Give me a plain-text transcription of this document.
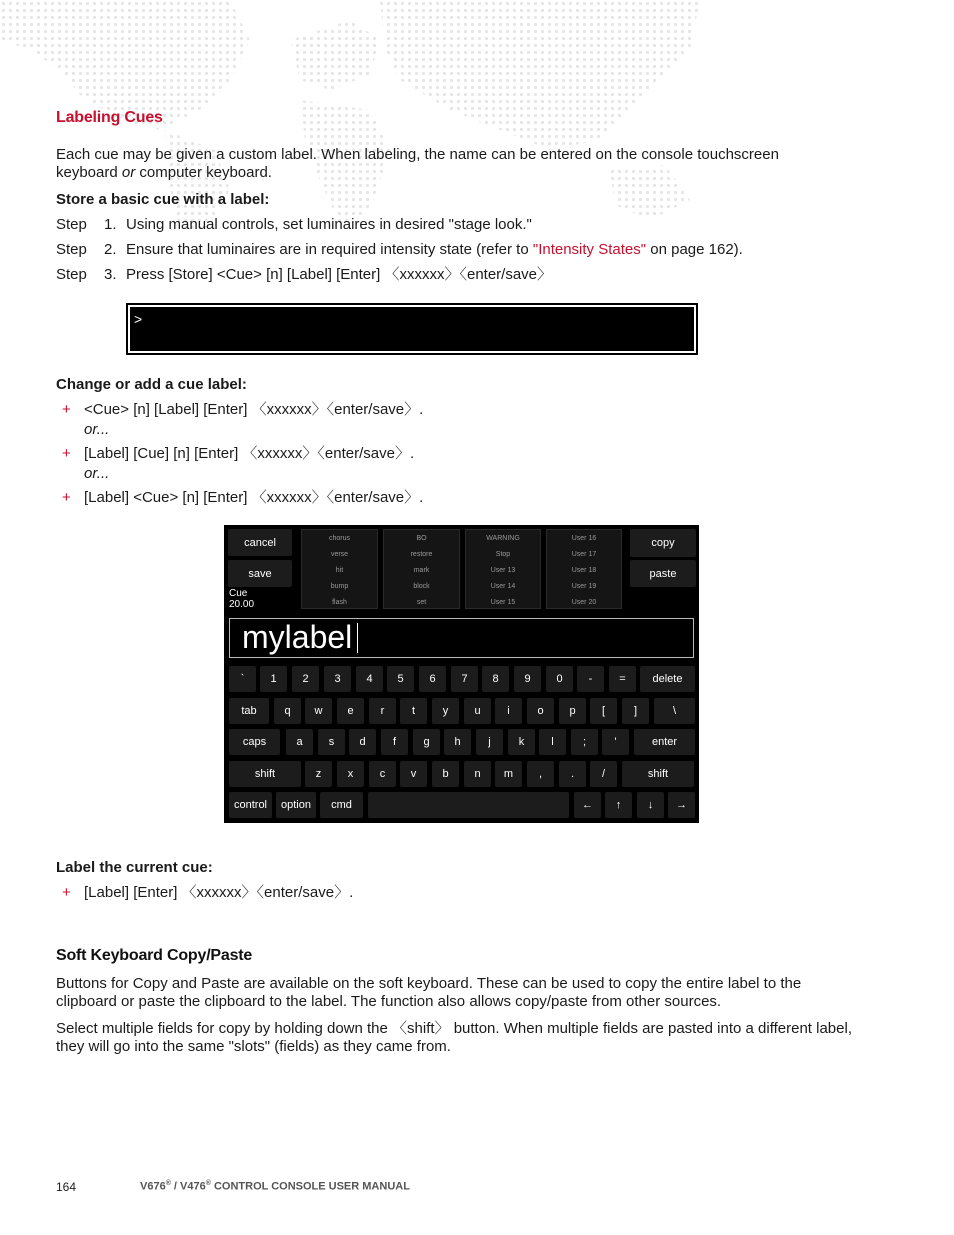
Labeling Cues
Each cue may be given a custom label. When labeling, the name can be entered on the console touchscreen
keyboard or computer keyboard.
Store a basic cue with a label:
Step 1. Using manual controls, set luminaires in desired "stage look."
Step 2. Ensure that luminaires are in required intensity state (refer to "Intensity States" on page 162).
Step 3. Press [Store] <Cue> [n] [Label] [Enter] 〈xxxxxx〉〈enter/save〉
>
Change or add a cue label:
+ <Cue> [n] [Label] [Enter] 〈xxxxxx〉〈enter/save〉.
or...
+ [Label] [Cue] [n] [Enter] 〈xxxxxx〉〈enter/save〉.
or...
+ [Label] <Cue> [n] [Enter] 〈xxxxxx〉〈enter/save〉.
cancel
save
copy
paste
chorus
verse
hit
bump
flash
BO
restore
mark
block
set
WARNING
Stop
User 13
User 14
User 15
User 16
User 17
User 18
User 19
User 20
Cue
20.00
mylabel
`	1	2	3	4	5	6	7	8	9	0	-	=	delete
tab	q	w	e	r	t	y	u	i	o	p	[	]	\
caps	a	s	d	f	g	h	j	k	l	;	'	enter
shift	z	x	c	v	b	n	m	,	.	/	shift
control	option	cmd	←	↑	↓	→
Label the current cue:
+ [Label] [Enter] 〈xxxxxx〉〈enter/save〉.
Soft Keyboard Copy/Paste
Buttons for Copy and Paste are available on the soft keyboard. These can be used to copy the entire label to the
clipboard or paste the clipboard to the label. The function also allows copy/paste from other sources.
Select multiple fields for copy by holding down the 〈shift〉 button. When multiple fields are pasted into a different label,
they will go into the same "slots" (fields) as they came from.
164	V676® / V476® CONTROL CONSOLE USER MANUAL
